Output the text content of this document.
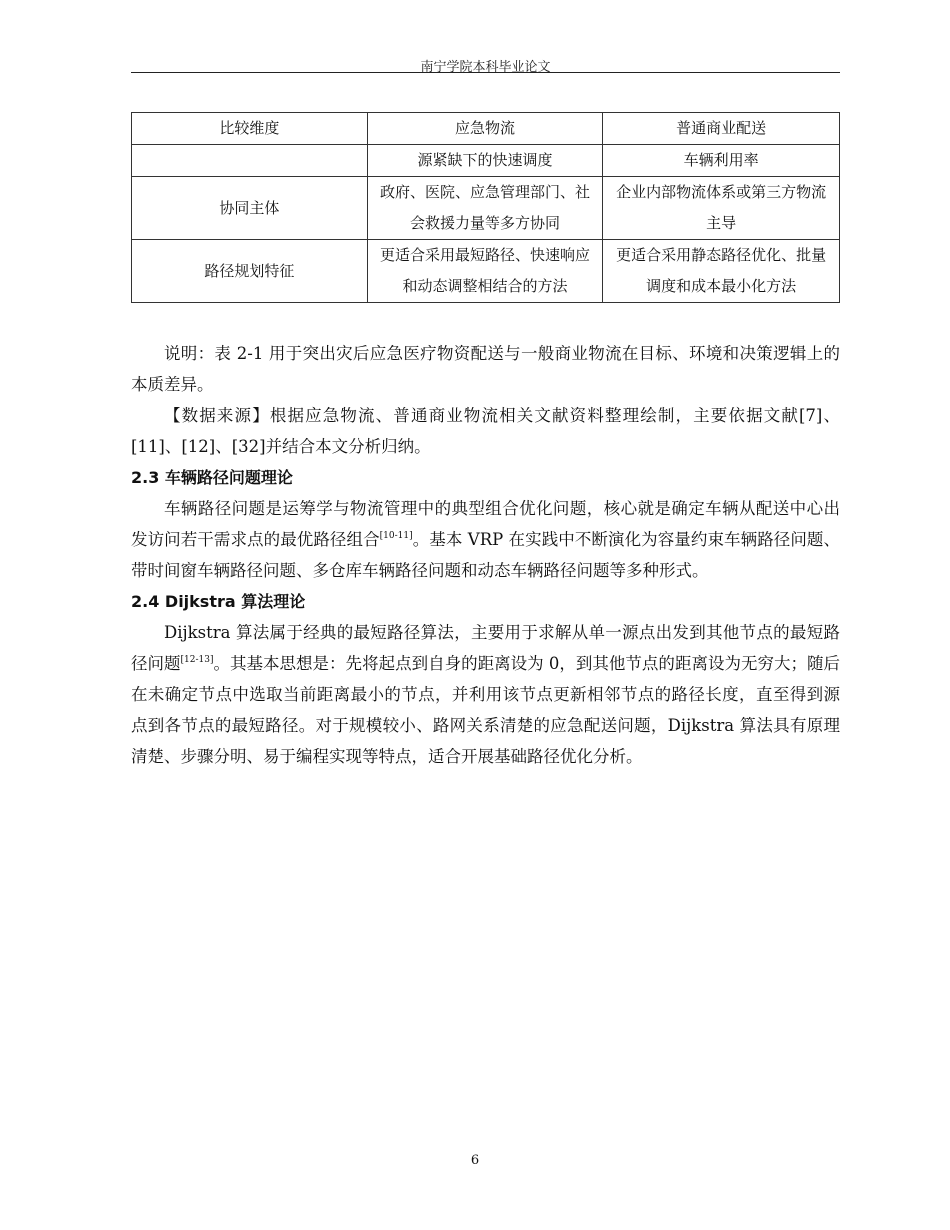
南宁学院本科毕业论文
比较维度	应急物流	普通商业配送
	源紧缺下的快速调度	车辆利用率
协同主体	政府、医院、应急管理部门、社会救援力量等多方协同	企业内部物流体系或第三方物流主导
路径规划特征	更适合采用最短路径、快速响应和动态调整相结合的方法	更适合采用静态路径优化、批量调度和成本最小化方法

说明：表 2-1 用于突出灾后应急医疗物资配送与一般商业物流在目标、环境和决策逻辑上的本质差异。

【数据来源】根据应急物流、普通商业物流相关文献资料整理绘制，主要依据文献[7]、[11]、[12]、[32]并结合本文分析归纳。

2.3 车辆路径问题理论

车辆路径问题是运筹学与物流管理中的典型组合优化问题，核心就是确定车辆从配送中心出发访问若干需求点的最优路径组合[10-11]。基本 VRP 在实践中不断演化为容量约束车辆路径问题、带时间窗车辆路径问题、多仓库车辆路径问题和动态车辆路径问题等多种形式。

2.4 Dijkstra 算法理论

Dijkstra 算法属于经典的最短路径算法，主要用于求解从单一源点出发到其他节点的最短路径问题[12-13]。其基本思想是：先将起点到自身的距离设为 0，到其他节点的距离设为无穷大；随后在未确定节点中选取当前距离最小的节点，并利用该节点更新相邻节点的路径长度，直至得到源点到各节点的最短路径。对于规模较小、路网关系清楚的应急配送问题，Dijkstra 算法具有原理清楚、步骤分明、易于编程实现等特点，适合开展基础路径优化分析。

6
